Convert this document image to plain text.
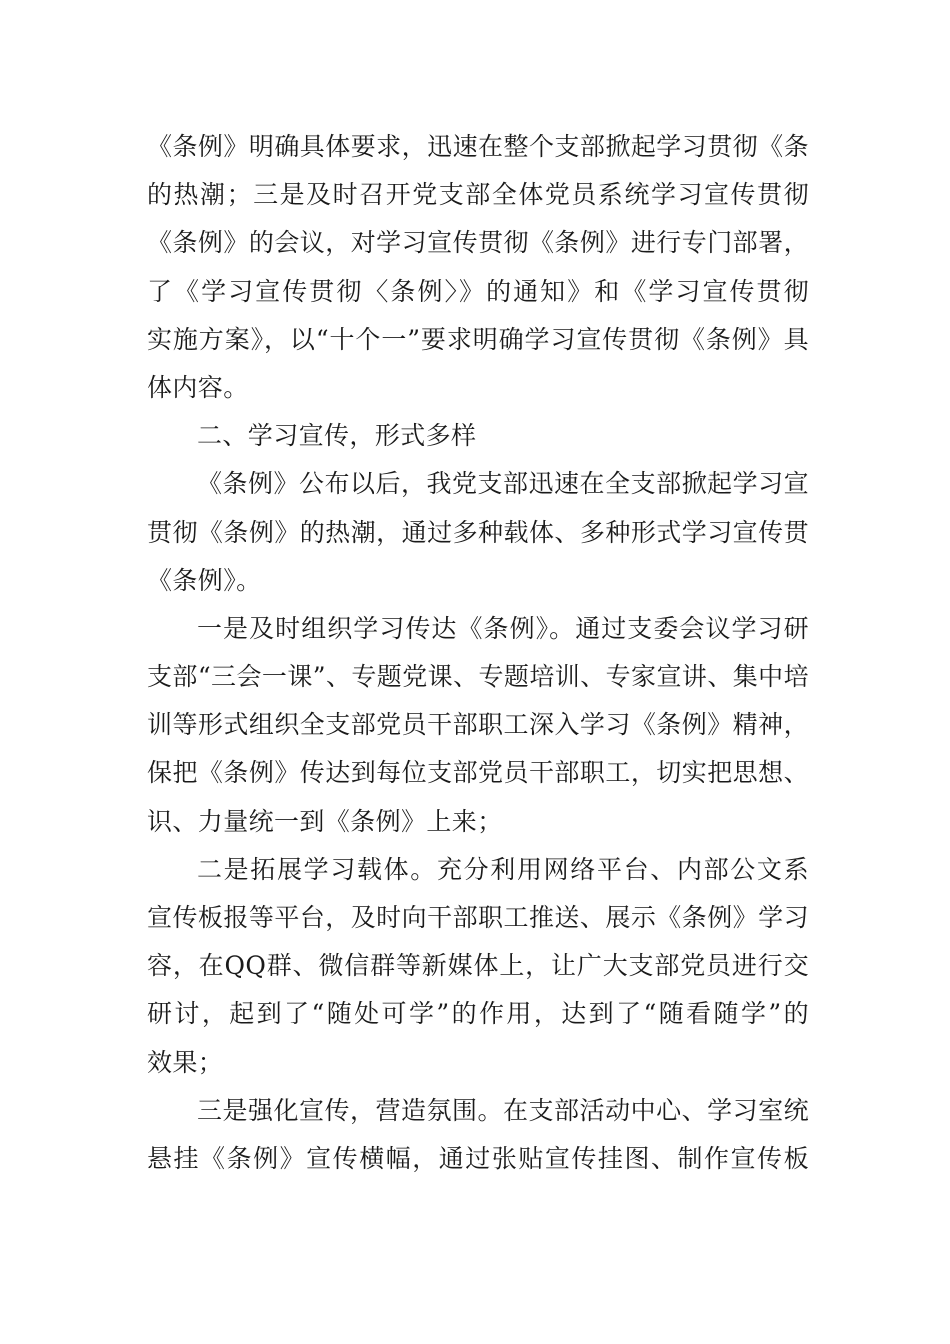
《条例》明确具体要求，迅速在整个支部掀起学习贯彻《条
的热潮；三是及时召开党支部全体党员系统学习宣传贯彻
《条例》的会议，对学习宣传贯彻《条例》进行专门部署，
了《学习宣传贯彻〈条例〉》的通知》和《学习宣传贯彻
实施方案》，以“十个一”要求明确学习宣传贯彻《条例》具
体内容。
二、学习宣传，形式多样
《条例》公布以后，我党支部迅速在全支部掀起学习宣
贯彻《条例》的热潮，通过多种载体、多种形式学习宣传贯
《条例》。
一是及时组织学习传达《条例》。通过支委会议学习研
支部“三会一课”、专题党课、专题培训、专家宣讲、集中培
训等形式组织全支部党员干部职工深入学习《条例》精神，
保把《条例》传达到每位支部党员干部职工，切实把思想、
识、力量统一到《条例》上来；
二是拓展学习载体。充分利用网络平台、内部公文系
宣传板报等平台，及时向干部职工推送、展示《条例》学习
容，在QQ群、微信群等新媒体上，让广大支部党员进行交
研讨，起到了“随处可学”的作用，达到了“随看随学”的
效果；
三是强化宣传，营造氛围。在支部活动中心、学习室统
悬挂《条例》宣传横幅，通过张贴宣传挂图、制作宣传板
